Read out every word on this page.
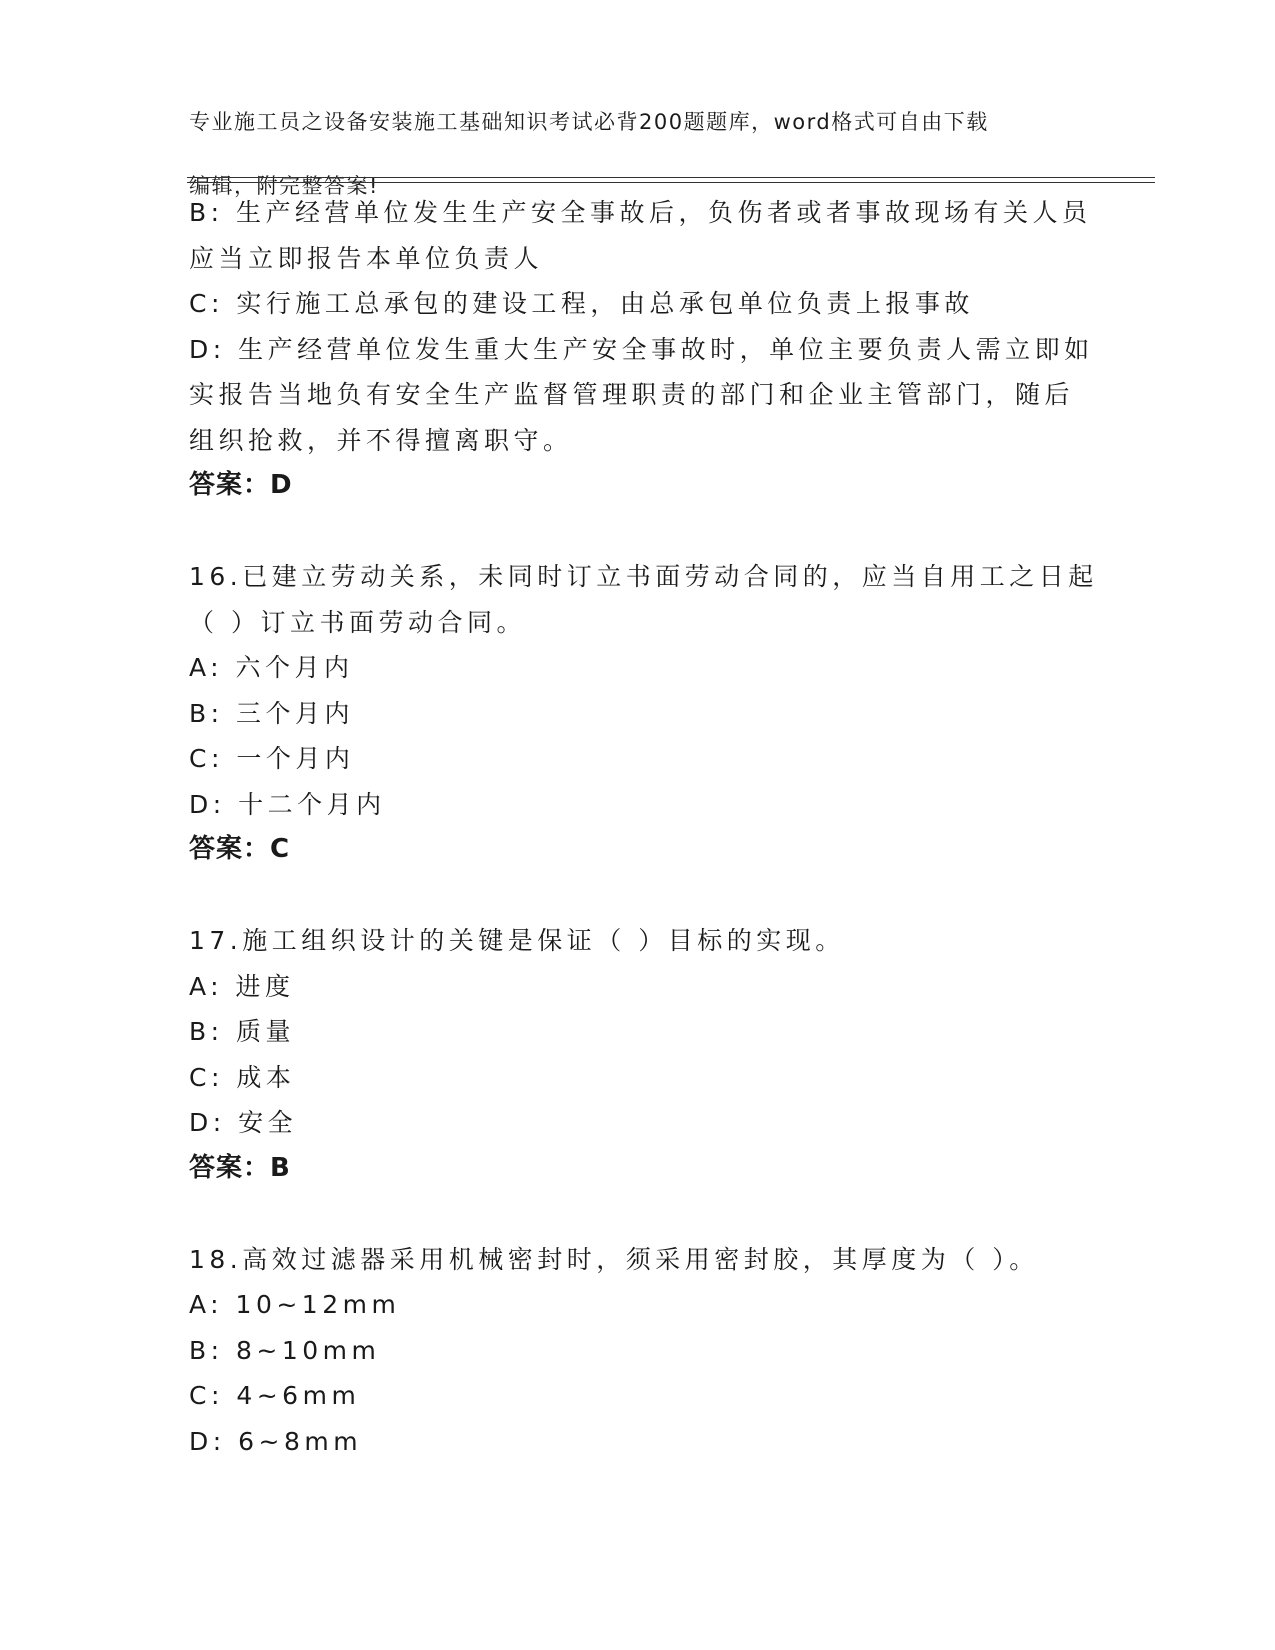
专业施工员之设备安装施工基础知识考试必背200题题库，word格式可自由下载

编辑，附完整答案!

B: 生产经营单位发生生产安全事故后，负伤者或者事故现场有关人员
应当立即报告本单位负责人
C: 实行施工总承包的建设工程，由总承包单位负责上报事故
D: 生产经营单位发生重大生产安全事故时，单位主要负责人需立即如
实报告当地负有安全生产监督管理职责的部门和企业主管部门，随后
组织抢救，并不得擅离职守。
答案：D
16.已建立劳动关系，未同时订立书面劳动合同的，应当自用工之日起
（ ）订立书面劳动合同。
A: 六个月内
B: 三个月内
C: 一个月内
D: 十二个月内
答案：C
17.施工组织设计的关键是保证（ ）目标的实现。
A: 进度
B: 质量
C: 成本
D: 安全
答案：B
18.高效过滤器采用机械密封时，须采用密封胶，其厚度为（ ）。
A: 10~12mm
B: 8~10mm
C: 4~6mm
D: 6~8mm
